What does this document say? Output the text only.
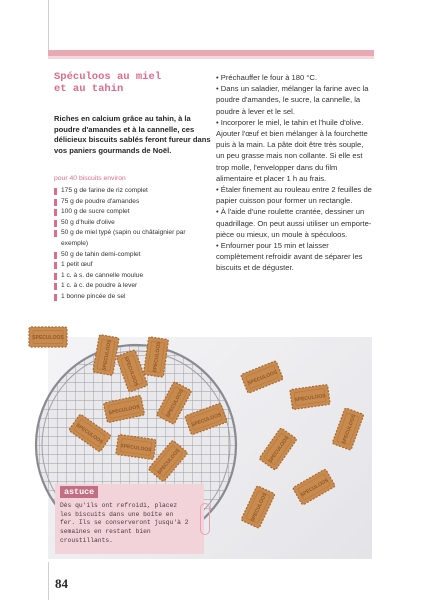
Spéculoos au miel
et au tahin
Riches en calcium grâce au tahin, à la poudre d'amandes et à la cannelle, ces délicieux biscuits sablés feront fureur dans vos paniers gourmands de Noël.
pour 40 biscuits environ
175 g de farine de riz complet
75 g de poudre d'amandes
100 g de sucre complet
50 g d'huile d'olive
50 g de miel typé (sapin ou châtaignier par exemple)
50 g de tahin demi-complet
1 petit œuf
1 c. à s. de cannelle moulue
1 c. à c. de poudre à lever
1 bonne pincée de sel
• Préchauffer le four à 180 °C.
• Dans un saladier, mélanger la farine avec la poudre d'amandes, le sucre, la cannelle, la poudre à lever et le sel.
• Incorporer le miel, le tahin et l'huile d'olive. Ajouter l'œuf et bien mélanger à la fourchette puis à la main. La pâte doit être très souple, un peu grasse mais non collante. Si elle est trop molle, l'envelopper dans du film alimentaire et placer 1 h au frais.
• Étaler finement au rouleau entre 2 feuilles de papier cuisson pour former un rectangle.
• À l'aide d'une roulette crantée, dessiner un quadrillage. On peut aussi utiliser un emporte-pièce ou mieux, un moule à spéculoos.
• Enfourner pour 15 min et laisser complètement refroidir avant de séparer les biscuits et de déguster.
SPECULOOS
astuce
Dès qu'ils ont refroidi, placez les biscuits dans une boîte en fer. Ils se conserveront jusqu'à 2 semaines en restant bien croustillants.
84
